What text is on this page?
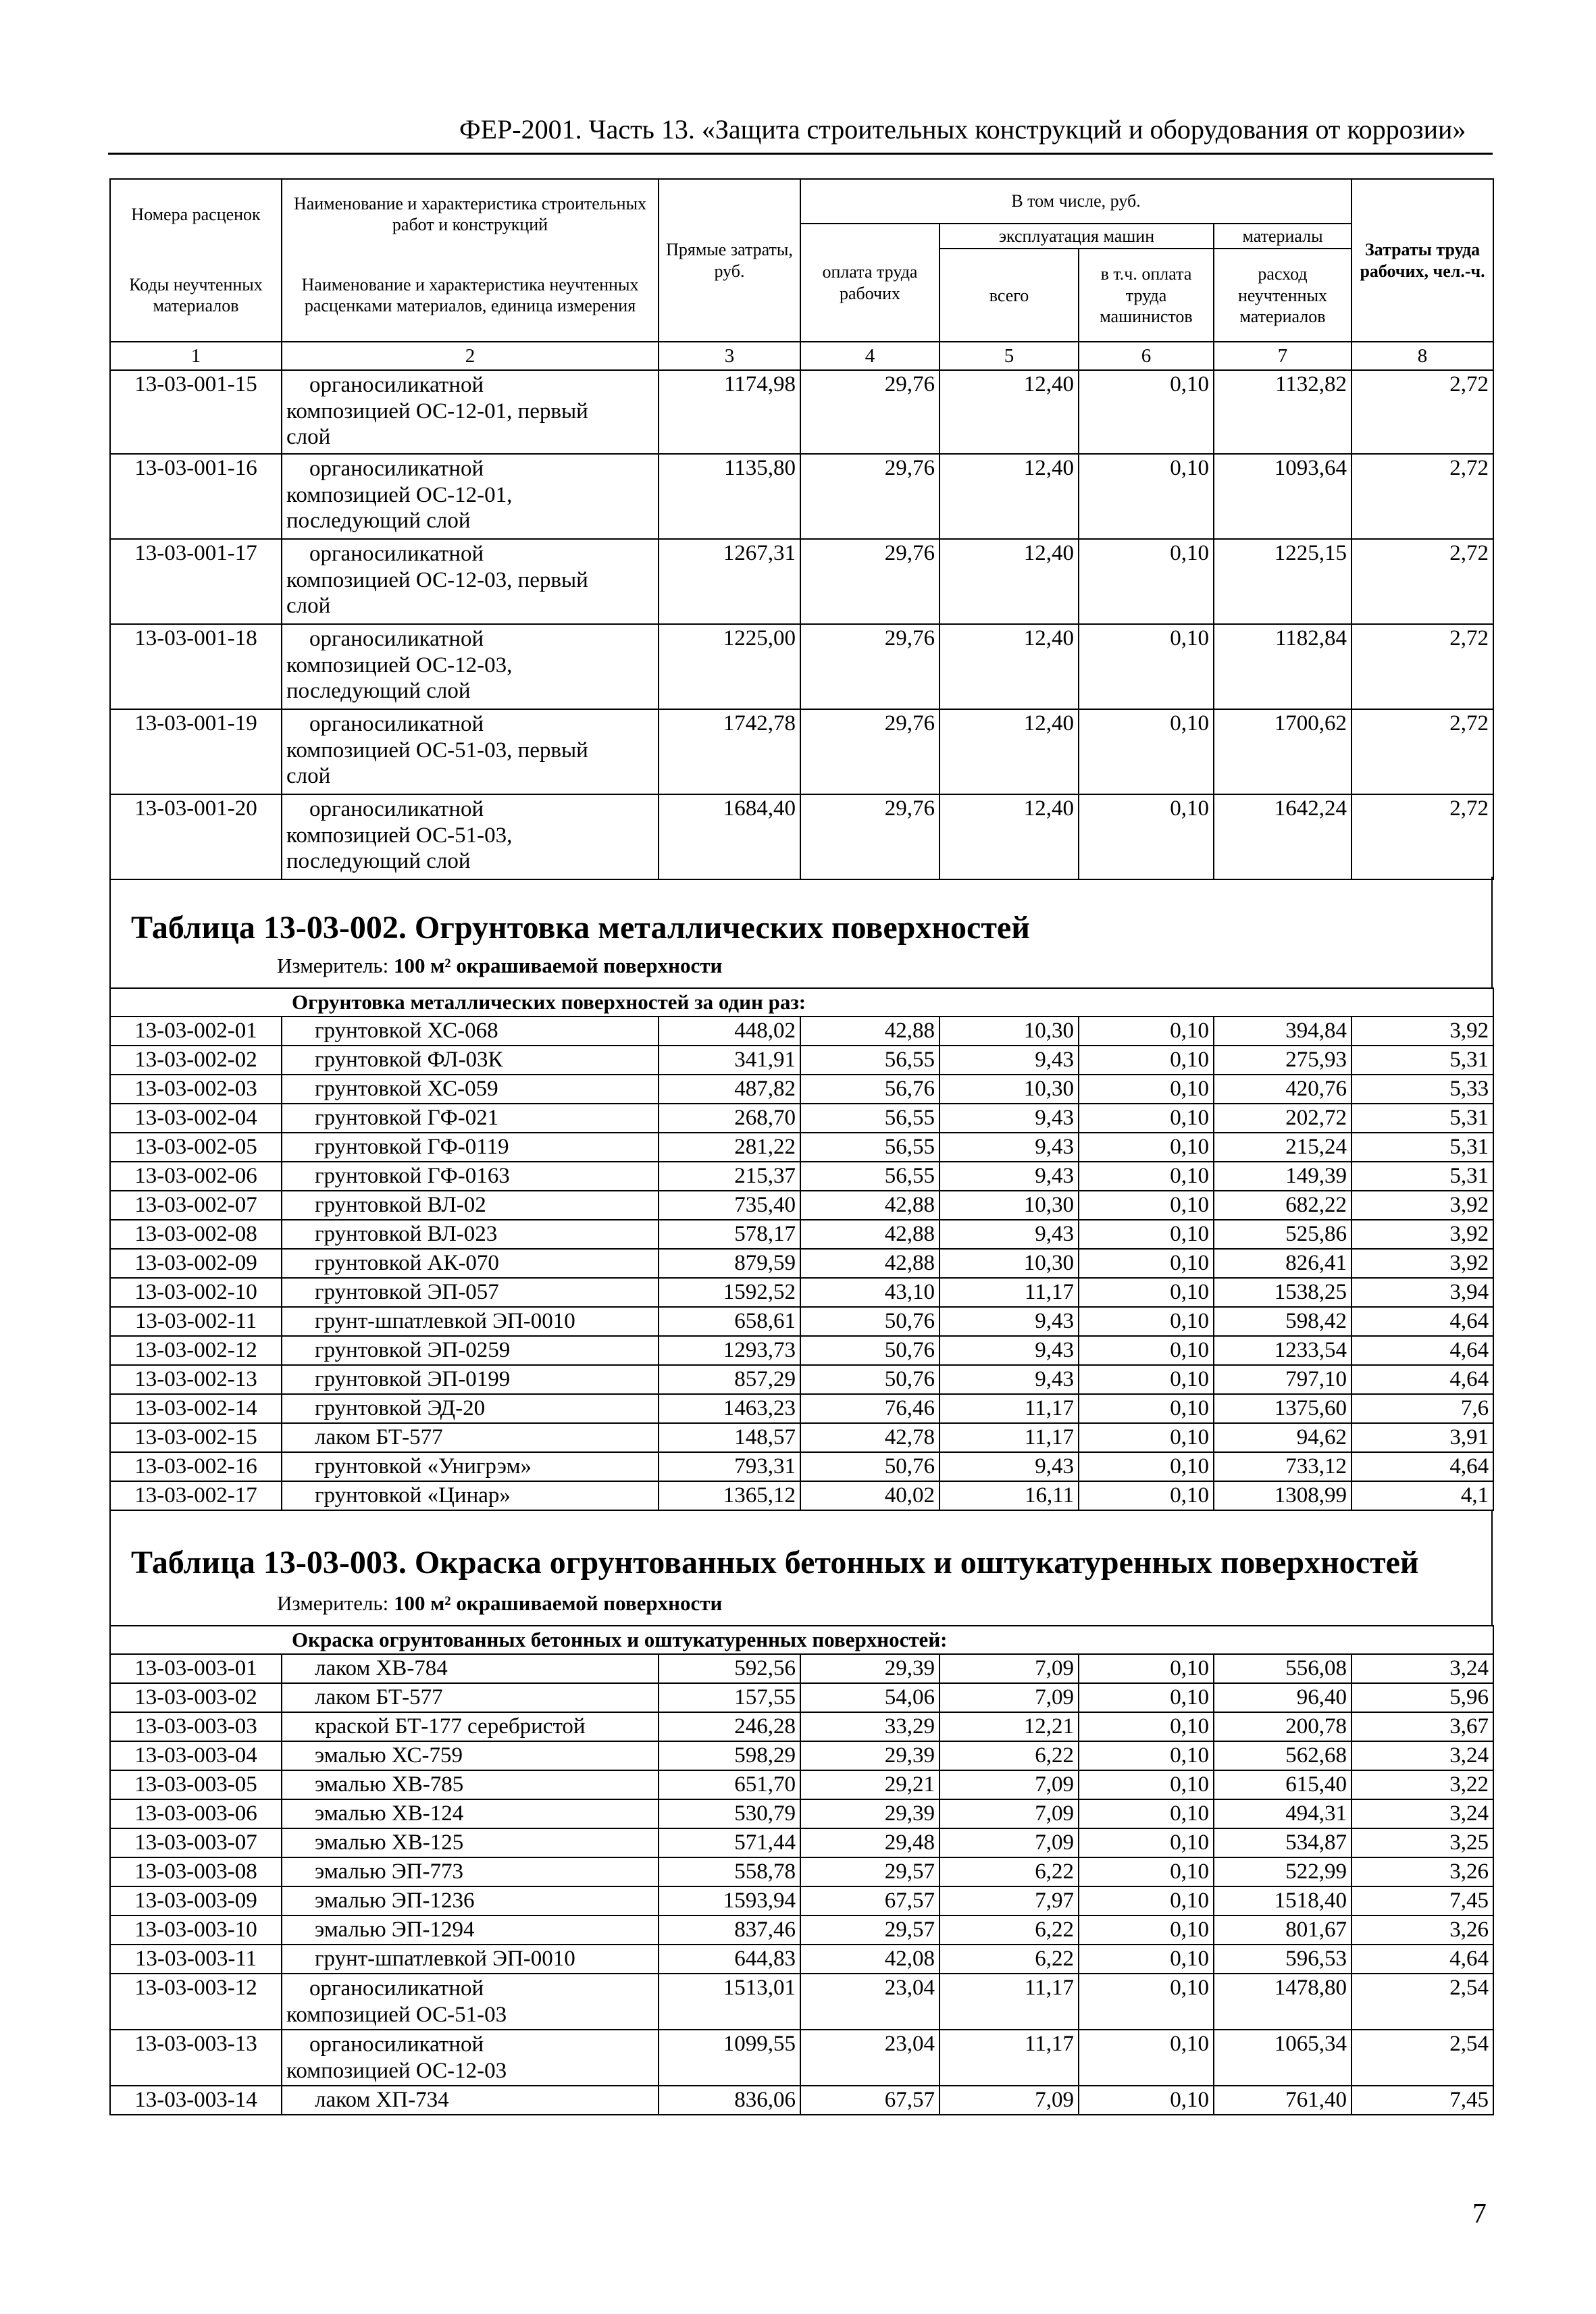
ФЕР-2001. Часть 13. «Защита строительных конструкций и оборудования от коррозии»
Номера расценок	Наименование и характеристика строительных работ и конструкций	Прямые затраты, руб.	В том числе, руб.				Затраты труда рабочих, чел.-ч.
			оплата труда рабочих	эксплуатация машин		материалы	
Коды неучтенных материалов	Наименование и характеристика неучтенных расценками материалов, единица измерения			всего	в т.ч. оплата труда машинистов	расход неучтенных материалов	

1	2	3	4	5	6	7	8
13-03-001-15	органосиликатной
композицией ОС-12-01, первый
слой	1174,98	29,76	12,40	0,10	1132,82	2,72
13-03-001-16	органосиликатной
композицией ОС-12-01,
последующий слой	1135,80	29,76	12,40	0,10	1093,64	2,72
13-03-001-17	органосиликатной
композицией ОС-12-03, первый
слой	1267,31	29,76	12,40	0,10	1225,15	2,72
13-03-001-18	органосиликатной
композицией ОС-12-03,
последующий слой	1225,00	29,76	12,40	0,10	1182,84	2,72
13-03-001-19	органосиликатной
композицией ОС-51-03, первый
слой	1742,78	29,76	12,40	0,10	1700,62	2,72
13-03-001-20	органосиликатной
композицией ОС-51-03,
последующий слой	1684,40	29,76	12,40	0,10	1642,24	2,72
Таблица 13-03-002. Огрунтовка металлических поверхностей
Измеритель: 100 м² окрашиваемой поверхности
Огрунтовка металлических поверхностей за один раз:							
13-03-002-01	грунтовкой ХС-068	448,02	42,88	10,30	0,10	394,84	3,92
13-03-002-02	грунтовкой ФЛ-03К	341,91	56,55	9,43	0,10	275,93	5,31
13-03-002-03	грунтовкой ХС-059	487,82	56,76	10,30	0,10	420,76	5,33
13-03-002-04	грунтовкой ГФ-021	268,70	56,55	9,43	0,10	202,72	5,31
13-03-002-05	грунтовкой ГФ-0119	281,22	56,55	9,43	0,10	215,24	5,31
13-03-002-06	грунтовкой ГФ-0163	215,37	56,55	9,43	0,10	149,39	5,31
13-03-002-07	грунтовкой ВЛ-02	735,40	42,88	10,30	0,10	682,22	3,92
13-03-002-08	грунтовкой ВЛ-023	578,17	42,88	9,43	0,10	525,86	3,92
13-03-002-09	грунтовкой АК-070	879,59	42,88	10,30	0,10	826,41	3,92
13-03-002-10	грунтовкой ЭП-057	1592,52	43,10	11,17	0,10	1538,25	3,94
13-03-002-11	грунт-шпатлевкой ЭП-0010	658,61	50,76	9,43	0,10	598,42	4,64
13-03-002-12	грунтовкой ЭП-0259	1293,73	50,76	9,43	0,10	1233,54	4,64
13-03-002-13	грунтовкой ЭП-0199	857,29	50,76	9,43	0,10	797,10	4,64
13-03-002-14	грунтовкой ЭД-20	1463,23	76,46	11,17	0,10	1375,60	7,6
13-03-002-15	лаком БТ-577	148,57	42,78	11,17	0,10	94,62	3,91
13-03-002-16	грунтовкой «Унигрэм»	793,31	50,76	9,43	0,10	733,12	4,64
13-03-002-17	грунтовкой «Цинар»	1365,12	40,02	16,11	0,10	1308,99	4,1
Таблица 13-03-003. Окраска огрунтованных бетонных и оштукатуренных поверхностей
Измеритель: 100 м² окрашиваемой поверхности
Окраска огрунтованных бетонных и оштукатуренных поверхностей:							
13-03-003-01	лаком ХВ-784	592,56	29,39	7,09	0,10	556,08	3,24
13-03-003-02	лаком БТ-577	157,55	54,06	7,09	0,10	96,40	5,96
13-03-003-03	краской БТ-177 серебристой	246,28	33,29	12,21	0,10	200,78	3,67
13-03-003-04	эмалью ХС-759	598,29	29,39	6,22	0,10	562,68	3,24
13-03-003-05	эмалью ХВ-785	651,70	29,21	7,09	0,10	615,40	3,22
13-03-003-06	эмалью ХВ-124	530,79	29,39	7,09	0,10	494,31	3,24
13-03-003-07	эмалью ХВ-125	571,44	29,48	7,09	0,10	534,87	3,25
13-03-003-08	эмалью ЭП-773	558,78	29,57	6,22	0,10	522,99	3,26
13-03-003-09	эмалью ЭП-1236	1593,94	67,57	7,97	0,10	1518,40	7,45
13-03-003-10	эмалью ЭП-1294	837,46	29,57	6,22	0,10	801,67	3,26
13-03-003-11	грунт-шпатлевкой ЭП-0010	644,83	42,08	6,22	0,10	596,53	4,64
13-03-003-12	органосиликатной
композицией ОС-51-03	1513,01	23,04	11,17	0,10	1478,80	2,54
13-03-003-13	органосиликатной
композицией ОС-12-03	1099,55	23,04	11,17	0,10	1065,34	2,54
13-03-003-14	лаком ХП-734	836,06	67,57	7,09	0,10	761,40	7,45
7
